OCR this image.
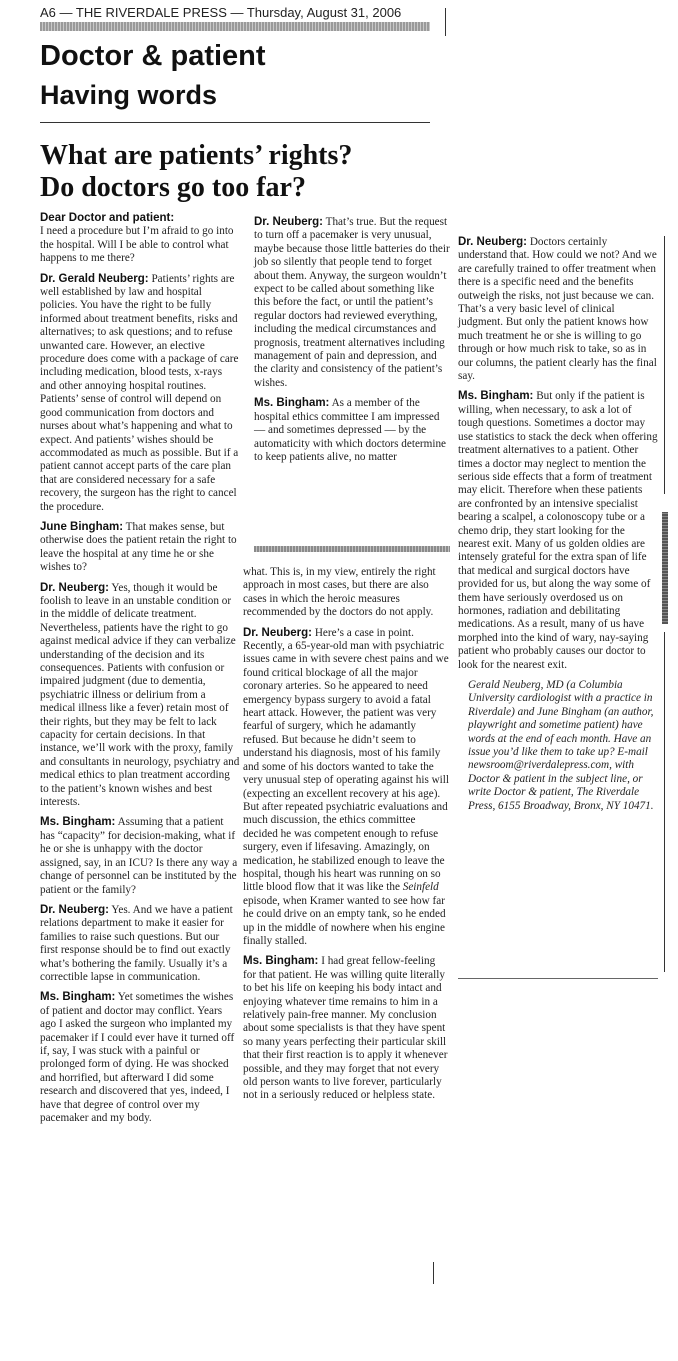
A6 — THE RIVERDALE PRESS — Thursday, August 31, 2006
Doctor & patient
Having words
What are patients’ rights?
Do doctors go too far?

Dear Doctor and patient:
I need a procedure but I’m afraid to go into the hospital. Will I be able to control what happens to me there?

Dr. Gerald Neuberg: Patients’ rights are well established by law and hospital policies. You have the right to be fully informed about treatment benefits, risks and alternatives; to ask questions; and to refuse unwanted care. However, an elective procedure does come with a package of care including medication, blood tests, x-rays and other annoying hospital routines. Patients’ sense of control will depend on good communication from doctors and nurses about what’s happening and what to expect. And patients’ wishes should be accommodated as much as possible. But if a patient cannot accept parts of the care plan that are considered necessary for a safe recovery, the surgeon has the right to cancel the procedure.

June Bingham: That makes sense, but otherwise does the patient retain the right to leave the hospital at any time he or she wishes to?

Dr. Neuberg: Yes, though it would be foolish to leave in an unstable condition or in the middle of delicate treatment. Nevertheless, patients have the right to go against medical advice if they can verbalize understanding of the decision and its consequences. Patients with confusion or impaired judgment (due to dementia, psychiatric illness or delirium from a medical illness like a fever) retain most of their rights, but they may be felt to lack capacity for certain decisions. In that instance, we’ll work with the proxy, family and consultants in neurology, psychiatry and medical ethics to plan treatment according to the patient’s known wishes and best interests.

Ms. Bingham: Assuming that a patient has “capacity” for decision-making, what if he or she is unhappy with the doctor assigned, say, in an ICU? Is there any way a change of personnel can be instituted by the patient or the family?

Dr. Neuberg: Yes. And we have a patient relations department to make it easier for families to raise such questions. But our first response should be to find out exactly what’s bothering the family. Usually it’s a correctible lapse in communication.

Ms. Bingham: Yet sometimes the wishes of patient and doctor may conflict. Years ago I asked the surgeon who implanted my pacemaker if I could ever have it turned off if, say, I was stuck with a painful or prolonged form of dying. He was shocked and horrified, but afterward I did some research and discovered that yes, indeed, I have that degree of control over my pacemaker and my body.

Dr. Neuberg: That’s true. But the request to turn off a pacemaker is very unusual, maybe because those little batteries do their job so silently that people tend to forget about them. Anyway, the surgeon wouldn’t expect to be called about something like this before the fact, or until the patient’s regular doctors had reviewed everything, including the medical circumstances and prognosis, treatment alternatives including management of pain and depression, and the clarity and consistency of the patient’s wishes.

Ms. Bingham: As a member of the hospital ethics committee I am impressed — and sometimes depressed — by the automaticity with which doctors determine to keep patients alive, no matter

what. This is, in my view, entirely the right approach in most cases, but there are also cases in which the heroic measures recommended by the doctors do not apply.

Dr. Neuberg: Here’s a case in point. Recently, a 65-year-old man with psychiatric issues came in with severe chest pains and we found critical blockage of all the major coronary arteries. So he appeared to need emergency bypass surgery to avoid a fatal heart attack. However, the patient was very fearful of surgery, which he adamantly refused. But because he didn’t seem to understand his diagnosis, most of his family and some of his doctors wanted to take the very unusual step of operating against his will (expecting an excellent recovery at his age). But after repeated psychiatric evaluations and much discussion, the ethics committee decided he was competent enough to refuse surgery, even if lifesaving. Amazingly, on medication, he stabilized enough to leave the hospital, though his heart was running on so little blood flow that it was like the Seinfeld episode, when Kramer wanted to see how far he could drive on an empty tank, so he ended up in the middle of nowhere when his engine finally stalled.

Ms. Bingham: I had great fellow-feeling for that patient. He was willing quite literally to bet his life on keeping his body intact and enjoying whatever time remains to him in a relatively pain-free manner. My conclusion about some specialists is that they have spent so many years perfecting their particular skill that their first reaction is to apply it whenever possible, and they may forget that not every old person wants to live forever, particularly not in a seriously reduced or helpless state.

Dr. Neuberg: Doctors certainly understand that. How could we not? And we are carefully trained to offer treatment when there is a specific need and the benefits outweigh the risks, not just because we can. That’s a very basic level of clinical judgment. But only the patient knows how much treatment he or she is willing to go through or how much risk to take, so as in our columns, the patient clearly has the final say.

Ms. Bingham: But only if the patient is willing, when necessary, to ask a lot of tough questions. Sometimes a doctor may use statistics to stack the deck when offering treatment alternatives to a patient. Other times a doctor may neglect to mention the serious side effects that a form of treatment may elicit. Therefore when these patients are confronted by an intensive specialist bearing a scalpel, a colonoscopy tube or a chemo drip, they start looking for the nearest exit. Many of us golden oldies are intensely grateful for the extra span of life that medical and surgical doctors have provided for us, but along the way some of them have seriously overdosed us on hormones, radiation and debilitating medications. As a result, many of us have morphed into the kind of wary, nay-saying patient who probably causes our doctor to look for the nearest exit.

Gerald Neuberg, MD (a Columbia University cardiologist with a practice in Riverdale) and June Bingham (an author, playwright and sometime patient) have words at the end of each month. Have an issue you’d like them to take up? E-mail newsroom@riverdalepress.com, with Doctor & patient in the subject line, or write Doctor & patient, The Riverdale Press, 6155 Broadway, Bronx, NY 10471.
